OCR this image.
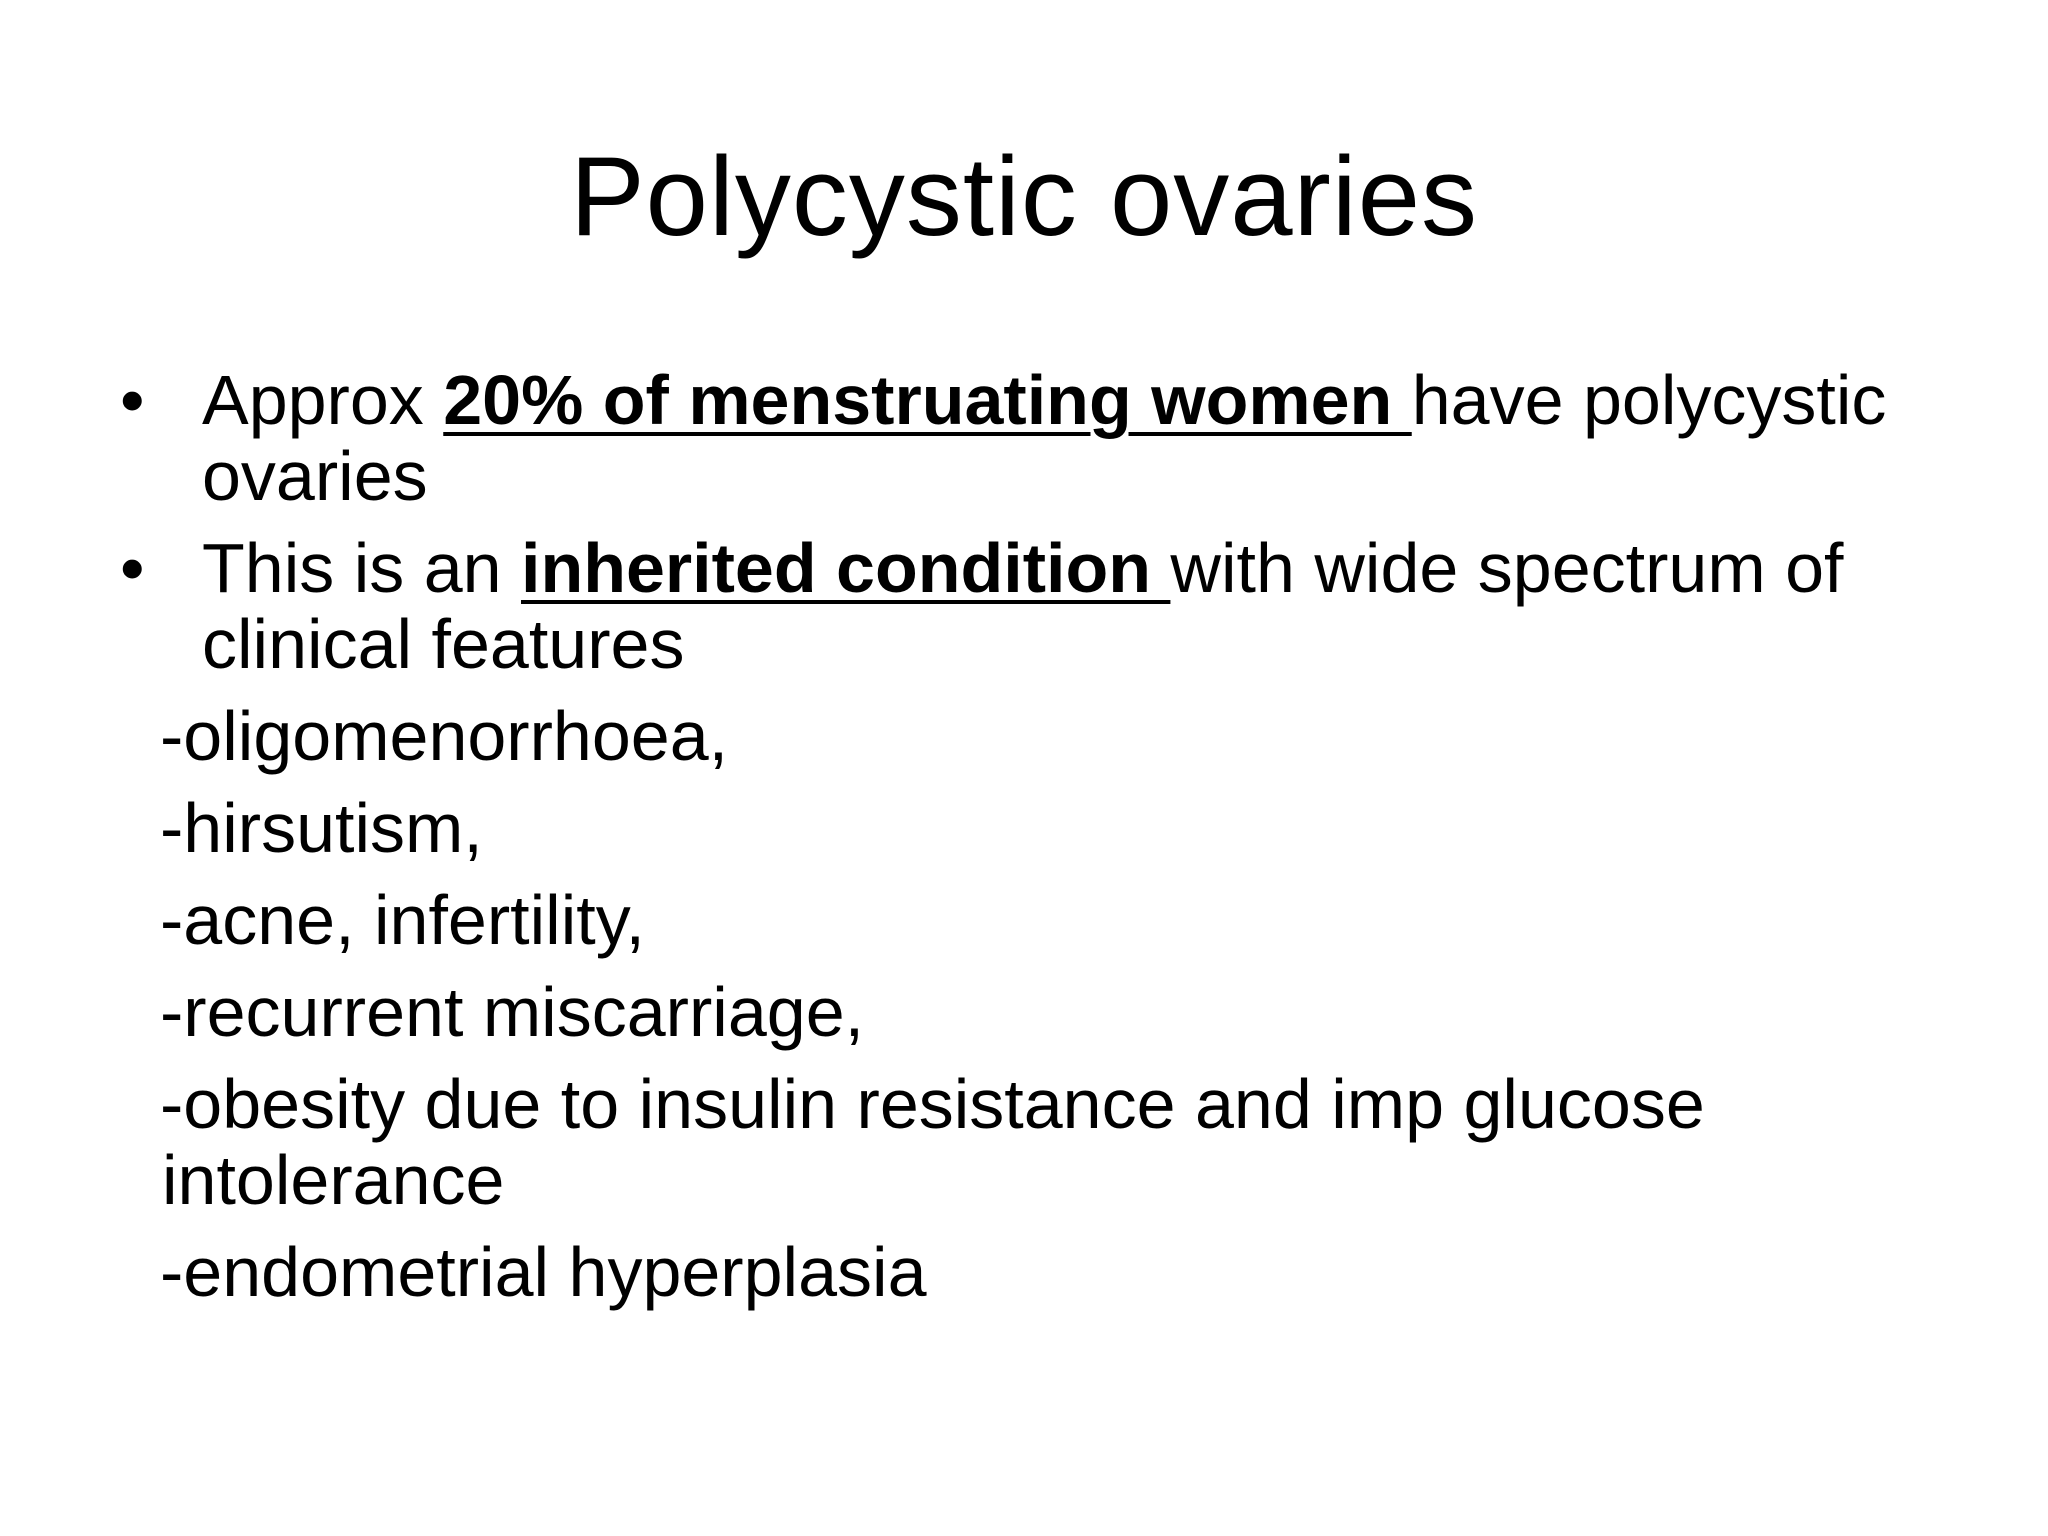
Polycystic ovaries
• Approx 20% of menstruating women have polycystic ovaries
• This is an inherited condition with wide spectrum of clinical features
-oligomenorrhoea,
-hirsutism,
-acne, infertility,
-recurrent miscarriage,
-obesity due to insulin resistance and imp glucose intolerance
-endometrial hyperplasia
